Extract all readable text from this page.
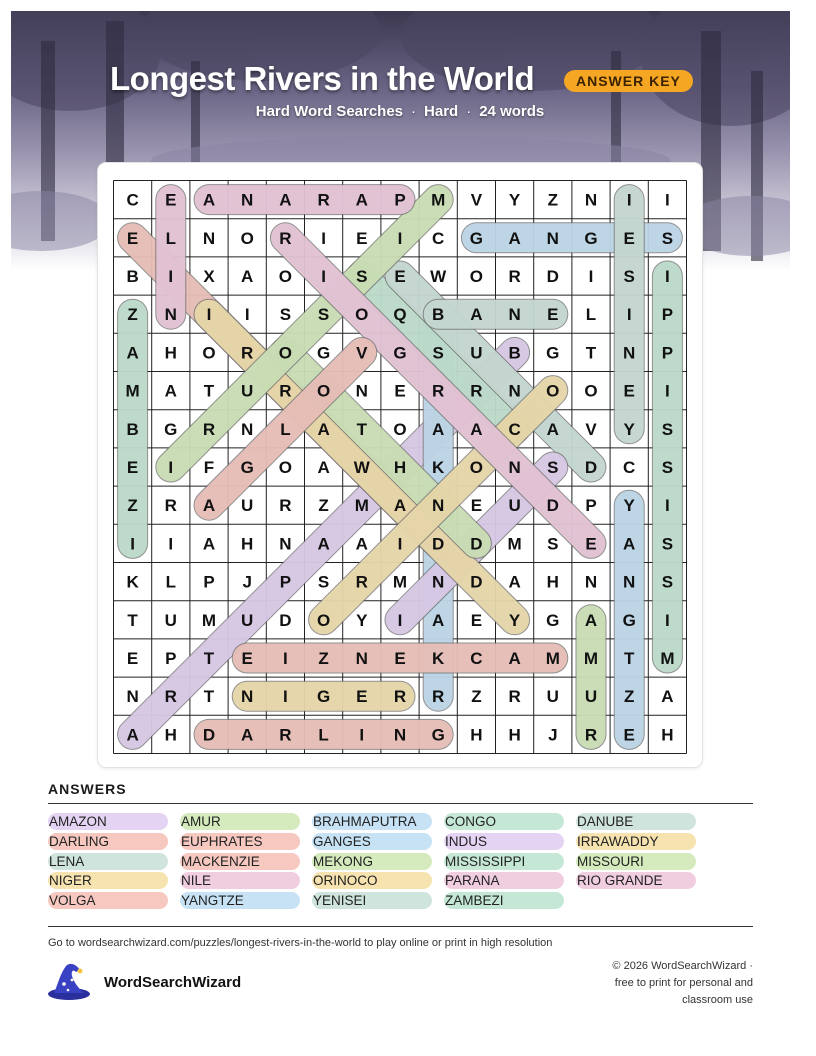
Longest Rivers in the World	ANSWER KEY
Hard Word Searches · Hard · 24 words
C E A N A R A P M V Y Z N I I
E L N O R I E I C G A N G E S
B I X A O I S E W O R D I S I
Z N I I S S O Q B A N E L I P
A H O R O G V G S U B G T N P
M A T U R O N E R R N O O E I
B G R N L A T O A A C A V Y S
E I F G O A W H K O N S D C S
Z R A U R Z M A N E U D P Y I
I I A H N A A I D D M S E A S
K L P J P S R M N D A H N N S
T U M U D O Y I A E Y G A G I
E P T E I Z N E K C A M M T M
N R T N I G E R R Z R U U Z A
A H D A R L I N G H H J R E H
ANSWERS
AMAZON	AMUR	BRAHMAPUTRA	CONGO	DANUBE
DARLING	EUPHRATES	GANGES	INDUS	IRRAWADDY
LENA	MACKENZIE	MEKONG	MISSISSIPPI	MISSOURI
NIGER	NILE	ORINOCO	PARANA	RIO GRANDE
VOLGA	YANGTZE	YENISEI	ZAMBEZI
Go to wordsearchwizard.com/puzzles/longest-rivers-in-the-world to play online or print in high resolution
WordSearchWizard
© 2026 WordSearchWizard ·
free to print for personal and
classroom use
